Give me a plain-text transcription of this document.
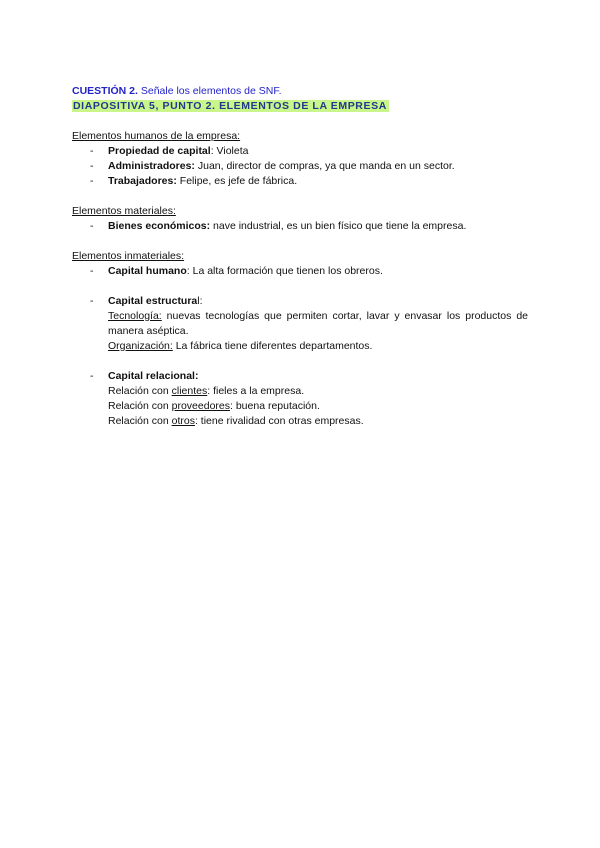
CUESTIÓN 2. Señale los elementos de SNF.
DIAPOSITIVA 5, PUNTO 2. ELEMENTOS DE LA EMPRESA
Elementos humanos de la empresa:
- Propiedad de capital: Violeta
- Administradores: Juan, director de compras, ya que manda en un sector.
- Trabajadores: Felipe, es jefe de fábrica.
Elementos materiales:
- Bienes económicos: nave industrial, es un bien físico que tiene la empresa.
Elementos inmateriales:
- Capital humano: La alta formación que tienen los obreros.
- Capital estructural:
Tecnología: nuevas tecnologías que permiten cortar, lavar y envasar los productos de manera aséptica.
Organización: La fábrica tiene diferentes departamentos.
- Capital relacional:
Relación con clientes: fieles a la empresa.
Relación con proveedores: buena reputación.
Relación con otros: tiene rivalidad con otras empresas.
